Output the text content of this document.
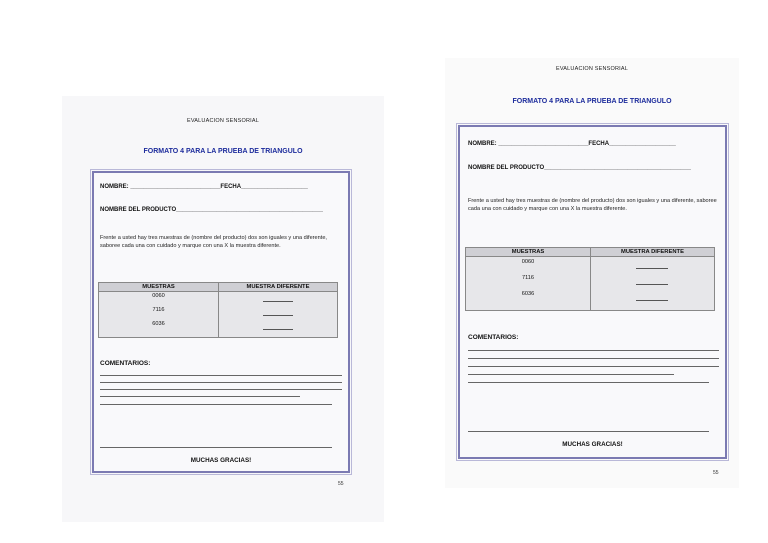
EVALUACION SENSORIAL
FORMATO 4 PARA LA PRUEBA DE TRIANGULO
NOMBRE: ___________________________FECHA____________________
NOMBRE DEL PRODUCTO____________________________________________
Frente a usted hay tres muestras de (nombre del producto) dos son iguales y una diferente, saboree cada una con cuidado y marque con una X la muestra diferente.
MUESTRAS	MUESTRA DIFERENTE
0060
7116
6036
COMENTARIOS:
MUCHAS GRACIAS!
55
EVALUACION SENSORIAL
FORMATO 4 PARA LA PRUEBA DE TRIANGULO
NOMBRE: ___________________________FECHA____________________
NOMBRE DEL PRODUCTO____________________________________________
Frente a usted hay tres muestras de (nombre del producto) dos son iguales y una diferente, saboree cada una con cuidado y marque con una X la muestra diferente.
MUESTRAS	MUESTRA DIFERENTE
0060
7116
6036
COMENTARIOS:
MUCHAS GRACIAS!
55
